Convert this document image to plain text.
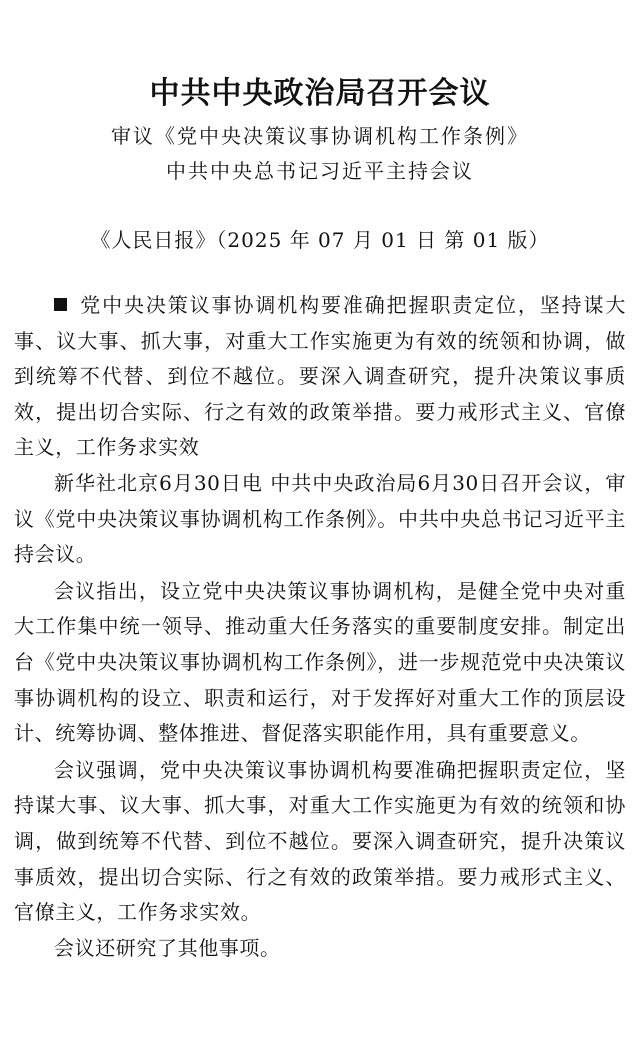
中共中央政治局召开会议
审议《党中央决策议事协调机构工作条例》
中共中央总书记习近平主持会议
《人民日报》（2025 年 07 月 01 日 第 01 版）

党中央决策议事协调机构要准确把握职责定位，坚持谋大事、议大事、抓大事，对重大工作实施更为有效的统领和协调，做到统筹不代替、到位不越位。要深入调查研究，提升决策议事质效，提出切合实际、行之有效的政策举措。要力戒形式主义、官僚主义，工作务求实效

新华社北京6月30日电 中共中央政治局6月30日召开会议，审议《党中央决策议事协调机构工作条例》。中共中央总书记习近平主持会议。

会议指出，设立党中央决策议事协调机构，是健全党中央对重大工作集中统一领导、推动重大任务落实的重要制度安排。制定出台《党中央决策议事协调机构工作条例》，进一步规范党中央决策议事协调机构的设立、职责和运行，对于发挥好对重大工作的顶层设计、统筹协调、整体推进、督促落实职能作用，具有重要意义。

会议强调，党中央决策议事协调机构要准确把握职责定位，坚持谋大事、议大事、抓大事，对重大工作实施更为有效的统领和协调，做到统筹不代替、到位不越位。要深入调查研究，提升决策议事质效，提出切合实际、行之有效的政策举措。要力戒形式主义、官僚主义，工作务求实效。

会议还研究了其他事项。
